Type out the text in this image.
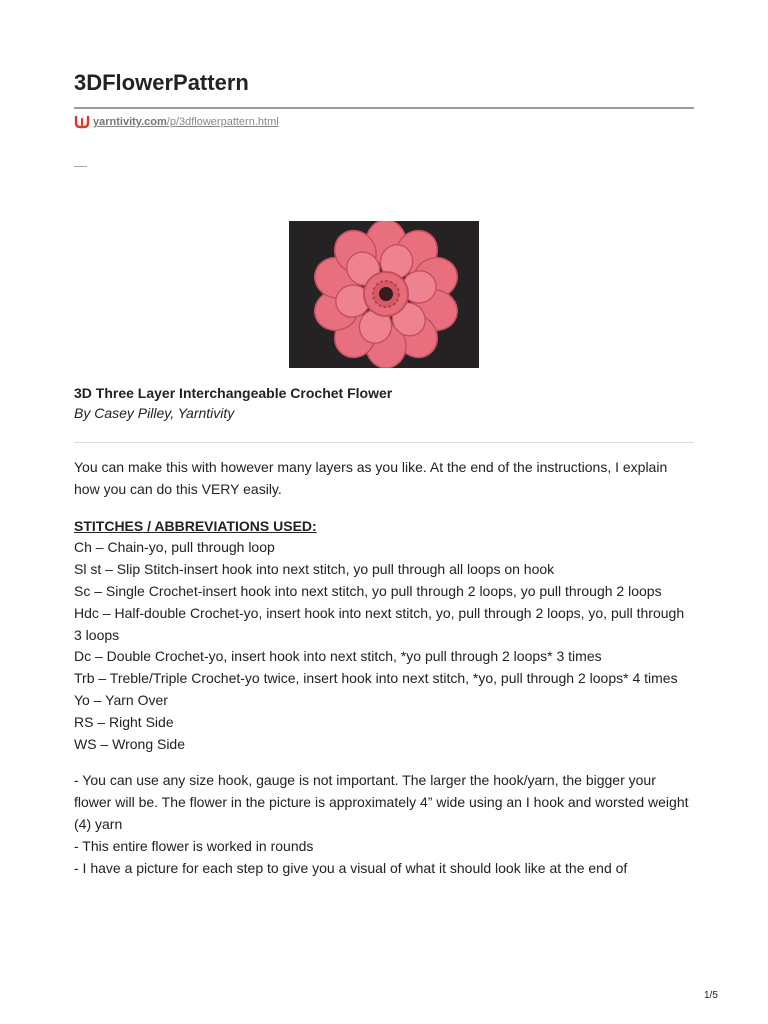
3DFlowerPattern
yarntivity.com/p/3dflowerpattern.html
—
3D Three Layer Interchangeable Crochet Flower
By Casey Pilley, Yarntivity

You can make this with however many layers as you like. At the end of the instructions, I explain how you can do this VERY easily.

STITCHES / ABBREVIATIONS USED:

Ch – Chain-yo, pull through loop

Sl st – Slip Stitch-insert hook into next stitch, yo pull through all loops on hook

Sc – Single Crochet-insert hook into next stitch, yo pull through 2 loops, yo pull through 2 loops

Hdc – Half-double Crochet-yo, insert hook into next stitch, yo, pull through 2 loops, yo, pull through 3 loops

Dc – Double Crochet-yo, insert hook into next stitch, *yo pull through 2 loops* 3 times

Trb – Treble/Triple Crochet-yo twice, insert hook into next stitch, *yo, pull through 2 loops* 4 times

Yo – Yarn Over

RS – Right Side

WS – Wrong Side

- You can use any size hook, gauge is not important. The larger the hook/yarn, the bigger your flower will be. The flower in the picture is approximately 4” wide using an I hook and worsted weight (4) yarn

- This entire flower is worked in rounds

- I have a picture for each step to give you a visual of what it should look like at the end of

1/5
